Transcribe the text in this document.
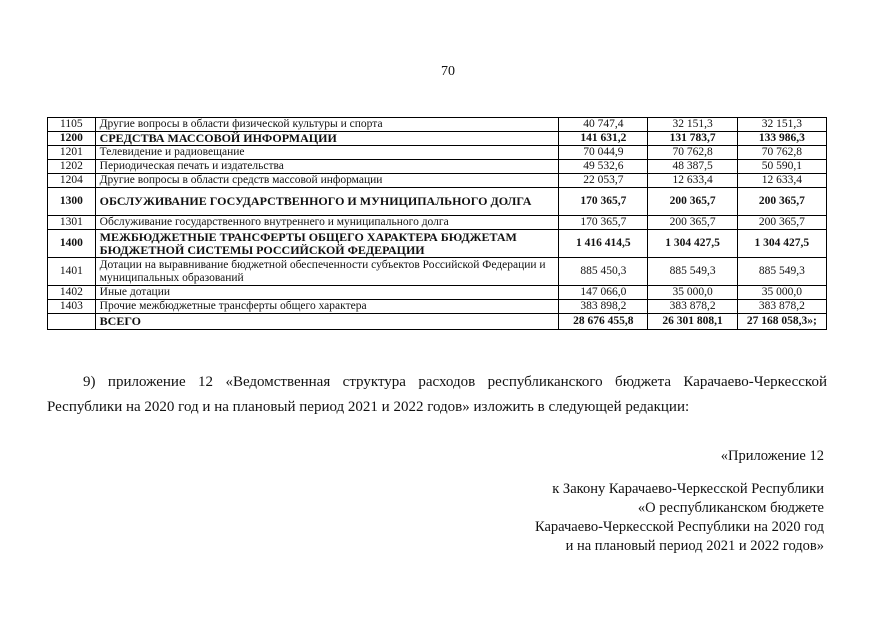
70
1105	Другие вопросы в области физической культуры и спорта	40 747,4	32 151,3	32 151,3
1200	СРЕДСТВА МАССОВОЙ ИНФОРМАЦИИ	141 631,2	131 783,7	133 986,3
1201	Телевидение и радиовещание	70 044,9	70 762,8	70 762,8
1202	Периодическая печать и издательства	49 532,6	48 387,5	50 590,1
1204	Другие вопросы в области средств массовой информации	22 053,7	12 633,4	12 633,4
1300	ОБСЛУЖИВАНИЕ ГОСУДАРСТВЕННОГО И МУНИЦИПАЛЬНОГО ДОЛГА	170 365,7	200 365,7	200 365,7
1301	Обслуживание государственного внутреннего и муниципального долга	170 365,7	200 365,7	200 365,7
1400	МЕЖБЮДЖЕТНЫЕ ТРАНСФЕРТЫ ОБЩЕГО ХАРАКТЕРА БЮДЖЕТАМ БЮДЖЕТНОЙ СИСТЕМЫ РОССИЙСКОЙ ФЕДЕРАЦИИ	1 416 414,5	1 304 427,5	1 304 427,5
1401	Дотации на выравнивание бюджетной обеспеченности субъектов Российской Федерации и муниципальных образований	885 450,3	885 549,3	885 549,3
1402	Иные дотации	147 066,0	35 000,0	35 000,0
1403	Прочие межбюджетные трансферты общего характера	383 898,2	383 878,2	383 878,2
	ВСЕГО	28 676 455,8	26 301 808,1	27 168 058,3»;
9) приложение 12 «Ведомственная структура расходов республиканского бюджета Карачаево-Черкесской Республики на 2020 год и на плановый период 2021 и 2022 годов» изложить в следующей редакции:
«Приложение 12
к Закону Карачаево-Черкесской Республики
«О республиканском бюджете
Карачаево-Черкесской Республики на 2020 год
и на плановый период 2021 и 2022 годов»
